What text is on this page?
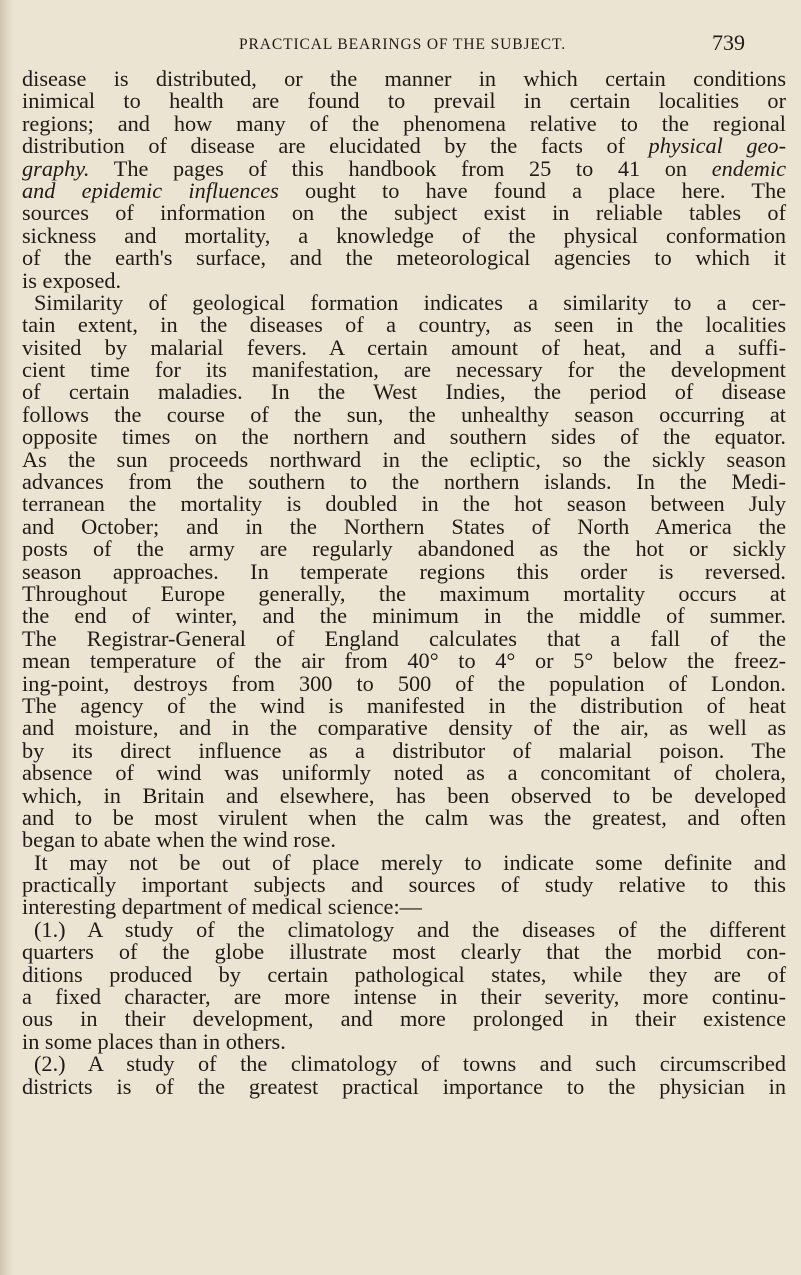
PRACTICAL BEARINGS OF THE SUBJECT.	739
disease is distributed, or the manner in which certain conditions
inimical to health are found to prevail in certain localities or
regions; and how many of the phenomena relative to the regional
distribution of disease are elucidated by the facts of physical geo-
graphy. The pages of this handbook from 25 to 41 on endemic
and epidemic influences ought to have found a place here. The
sources of information on the subject exist in reliable tables of
sickness and mortality, a knowledge of the physical conformation
of the earth's surface, and the meteorological agencies to which it
is exposed.
Similarity of geological formation indicates a similarity to a cer-
tain extent, in the diseases of a country, as seen in the localities
visited by malarial fevers. A certain amount of heat, and a suffi-
cient time for its manifestation, are necessary for the development
of certain maladies. In the West Indies, the period of disease
follows the course of the sun, the unhealthy season occurring at
opposite times on the northern and southern sides of the equator.
As the sun proceeds northward in the ecliptic, so the sickly season
advances from the southern to the northern islands. In the Medi-
terranean the mortality is doubled in the hot season between July
and October; and in the Northern States of North America the
posts of the army are regularly abandoned as the hot or sickly
season approaches. In temperate regions this order is reversed.
Throughout Europe generally, the maximum mortality occurs at
the end of winter, and the minimum in the middle of summer.
The Registrar-General of England calculates that a fall of the
mean temperature of the air from 40° to 4° or 5° below the freez-
ing-point, destroys from 300 to 500 of the population of London.
The agency of the wind is manifested in the distribution of heat
and moisture, and in the comparative density of the air, as well as
by its direct influence as a distributor of malarial poison. The
absence of wind was uniformly noted as a concomitant of cholera,
which, in Britain and elsewhere, has been observed to be developed
and to be most virulent when the calm was the greatest, and often
began to abate when the wind rose.
It may not be out of place merely to indicate some definite and
practically important subjects and sources of study relative to this
interesting department of medical science:—
(1.) A study of the climatology and the diseases of the different
quarters of the globe illustrate most clearly that the morbid con-
ditions produced by certain pathological states, while they are of
a fixed character, are more intense in their severity, more continu-
ous in their development, and more prolonged in their existence
in some places than in others.
(2.) A study of the climatology of towns and such circumscribed
districts is of the greatest practical importance to the physician in
